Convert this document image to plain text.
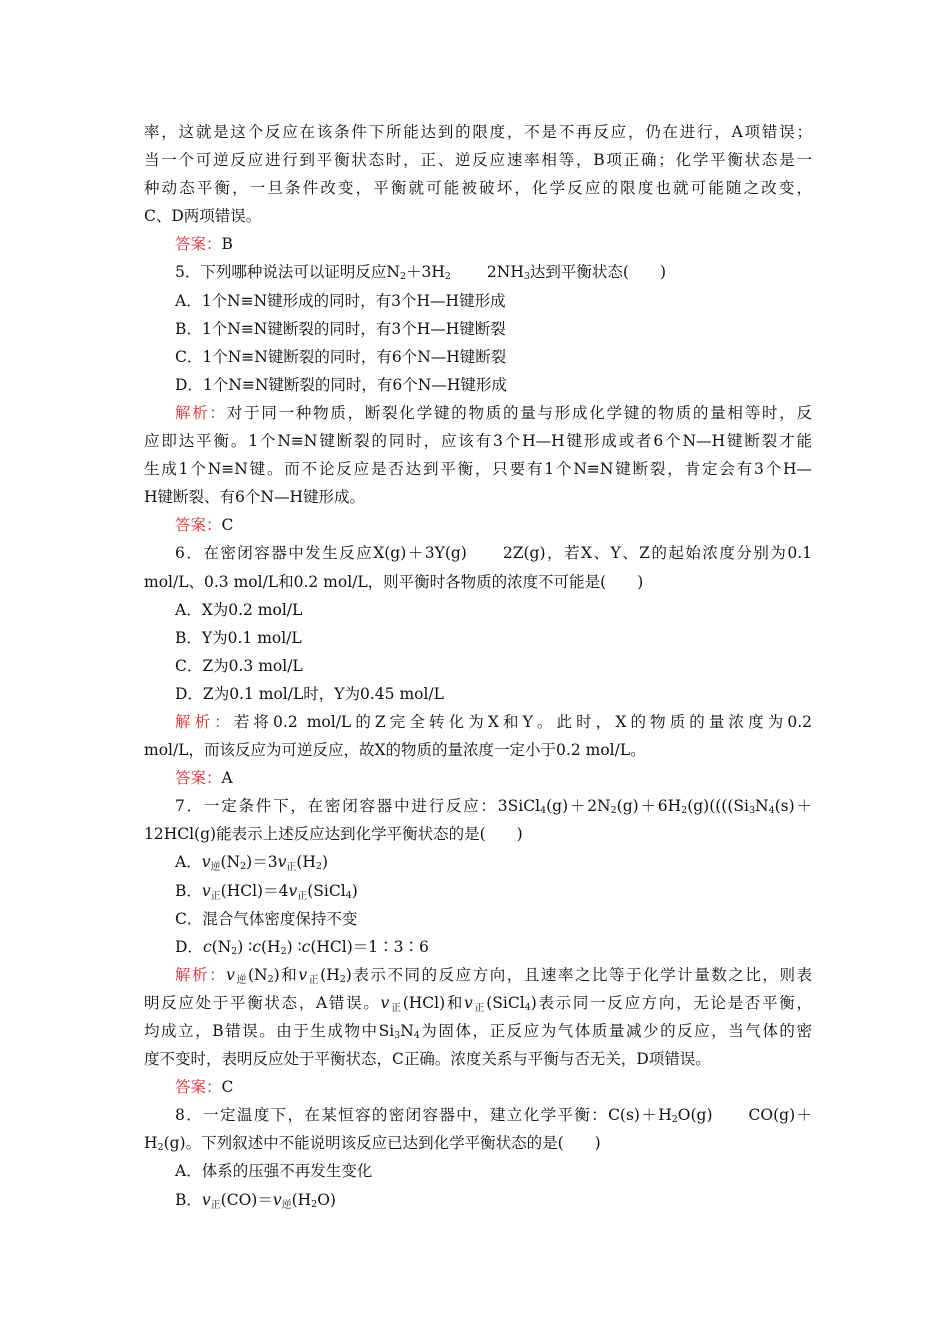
率，这就是这个反应在该条件下所能达到的限度，不是不再反应，仍在进行，A项错误；
当一个可逆反应进行到平衡状态时，正、逆反应速率相等，B项正确；化学平衡状态是一
种动态平衡，一旦条件改变，平衡就可能被破坏，化学反应的限度也就可能随之改变，
C、D两项错误。
答案：B
5．下列哪种说法可以证明反应$N_2+3H_2$ $2NH_3$达到平衡状态(　　)
A．1个N≡N键形成的同时，有3个H—H键形成
B．1个N≡N键断裂的同时，有3个H—H键断裂
C．1个N≡N键断裂的同时，有6个N—H键断裂
D．1个N≡N键断裂的同时，有6个N—H键形成
解析：对于同一种物质，断裂化学键的物质的量与形成化学键的物质的量相等时，反
应即达平衡。1个N≡N键断裂的同时，应该有3个H—H键形成或者6个N—H键断裂才能
生成1个N≡N键。而不论反应是否达到平衡，只要有1个N≡N键断裂，肯定会有3个H—
H键断裂、有6个N—H键形成。
答案：C
6．在密闭容器中发生反应X(g)＋3Y(g) 2Z(g)，若X、Y、Z的起始浓度分别为0.1
mol/L、0.3 mol/L和0.2 mol/L，则平衡时各物质的浓度不可能是(　　)
A．X为0.2 mol/L
B．Y为0.1 mol/L
C．Z为0.3 mol/L
D．Z为0.1 mol/L时，Y为0.45 mol/L
解析：若将0.2 mol/L的Z完全转化为X和Y。此时，X的物质的量浓度为0.2
mol/L，而该反应为可逆反应，故X的物质的量浓度一定小于0.2 mol/L。
答案：A
7．一定条件下，在密闭容器中进行反应：$3SiCl_4(g)+2N_2(g)+6H_2(g)((((Si_3N_4(s)+$
12HCl(g)能表示上述反应达到化学平衡状态的是(　　)
A．v逆$(N_2)=3v$正$(H_2)$
B．v正(HCl)＝4v正(SiCl$_4$)
C．混合气体密度保持不变
D．$c(N_2)$ $∶c(H_2)$ ∶c(HCl)＝1∶3∶6
解析：v逆$(N_2)$和v正$(H_2)$表示不同的反应方向，且速率之比等于化学计量数之比，则表
明反应处于平衡状态，A错误。v正(HCl)和v正(SiCl$_4$)表示同一反应方向，无论是否平衡，
均成立，B错误。由于生成物中$Si_3N_4$为固体，正反应为气体质量减少的反应，当气体的密
度不变时，表明反应处于平衡状态，C正确。浓度关系与平衡与否无关，D项错误。
答案：C
8．一定温度下，在某恒容的密闭容器中，建立化学平衡：$C(s)+H_2O(g)$ CO(g)＋
$H_2(g)$。下列叙述中不能说明该反应已达到化学平衡状态的是(　　)
A．体系的压强不再发生变化
B．v正(CO)＝v逆$(H_2O)$
